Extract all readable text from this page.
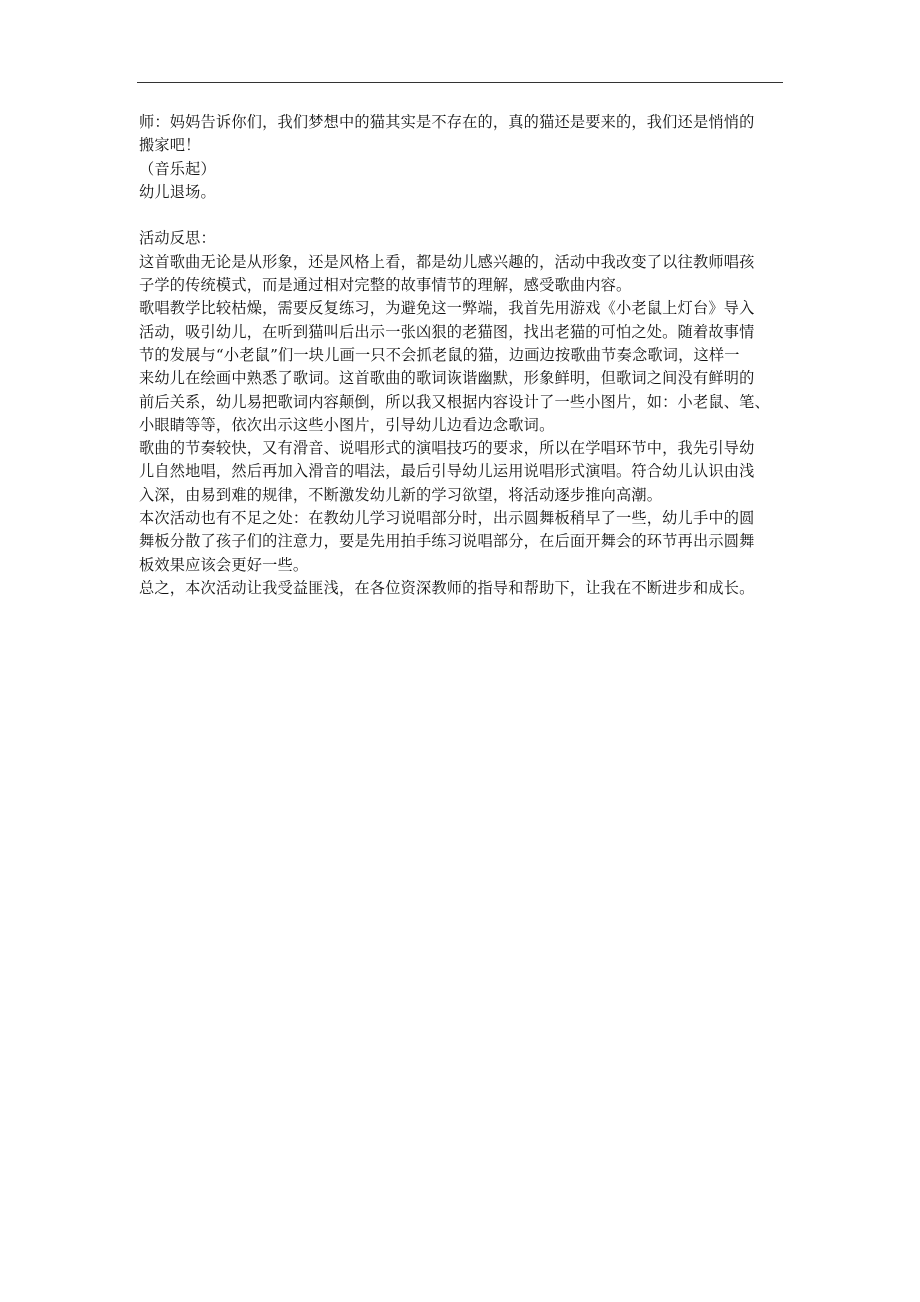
师：妈妈告诉你们，我们梦想中的猫其实是不存在的，真的猫还是要来的，我们还是悄悄的
搬家吧！
（音乐起）
幼儿退场。
活动反思：
这首歌曲无论是从形象，还是风格上看，都是幼儿感兴趣的，活动中我改变了以往教师唱孩
子学的传统模式，而是通过相对完整的故事情节的理解，感受歌曲内容。
歌唱教学比较枯燥，需要反复练习，为避免这一弊端，我首先用游戏《小老鼠上灯台》导入
活动，吸引幼儿，在听到猫叫后出示一张凶狠的老猫图，找出老猫的可怕之处。随着故事情
节的发展与“小老鼠”们一块儿画一只不会抓老鼠的猫，边画边按歌曲节奏念歌词，这样一
来幼儿在绘画中熟悉了歌词。这首歌曲的歌词诙谐幽默，形象鲜明，但歌词之间没有鲜明的
前后关系，幼儿易把歌词内容颠倒，所以我又根据内容设计了一些小图片，如：小老鼠、笔、
小眼睛等等，依次出示这些小图片，引导幼儿边看边念歌词。
歌曲的节奏较快，又有滑音、说唱形式的演唱技巧的要求，所以在学唱环节中，我先引导幼
儿自然地唱，然后再加入滑音的唱法，最后引导幼儿运用说唱形式演唱。符合幼儿认识由浅
入深，由易到难的规律，不断激发幼儿新的学习欲望，将活动逐步推向高潮。
本次活动也有不足之处：在教幼儿学习说唱部分时，出示圆舞板稍早了一些，幼儿手中的圆
舞板分散了孩子们的注意力，要是先用拍手练习说唱部分，在后面开舞会的环节再出示圆舞
板效果应该会更好一些。
总之，本次活动让我受益匪浅，在各位资深教师的指导和帮助下，让我在不断进步和成长。
